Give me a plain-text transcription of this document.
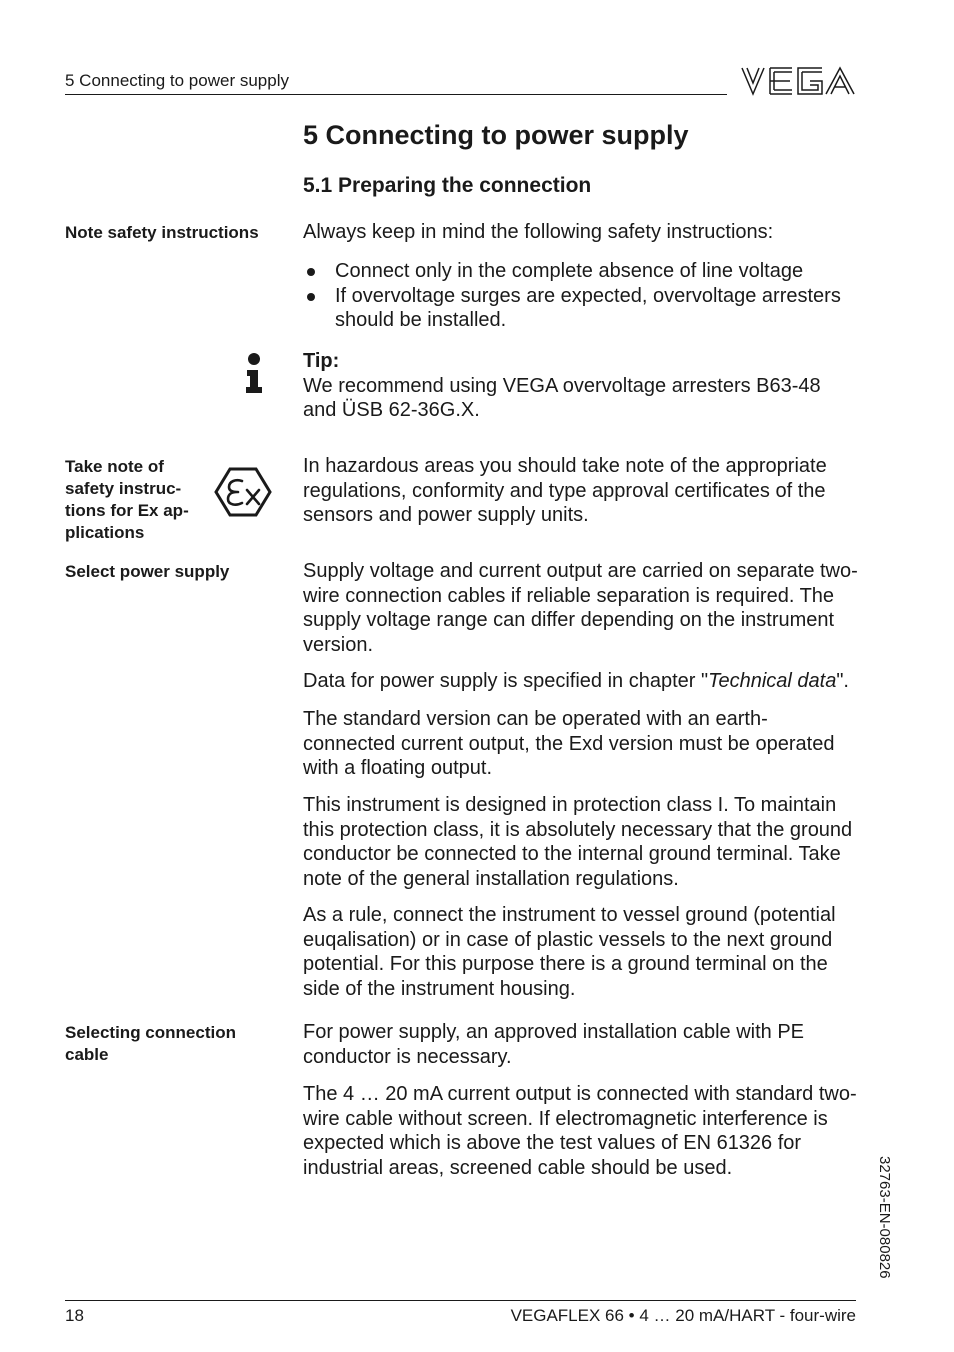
5 Connecting to power supply
5 Connecting to power supply
5.1 Preparing the connection
Note safety instructions	Always keep in mind the following safety instructions:
Connect only in the complete absence of line voltage
If overvoltage surges are expected, overvoltage arresters should be installed.
Tip:
We recommend using VEGA overvoltage arresters B63-48 and ÜSB 62-36G.X.
Take note of safety instruc-tions for Ex ap-plications
In hazardous areas you should take note of the appropriate regulations, conformity and type approval certificates of the sensors and power supply units.
Select power supply	Supply voltage and current output are carried on separate two-wire connection cables if reliable separation is required. The supply voltage range can differ depending on the instrument version.
Data for power supply is specified in chapter "Technical data".
The standard version can be operated with an earth-connected current output, the Exd version must be operated with a floating output.
This instrument is designed in protection class I. To maintain this protection class, it is absolutely necessary that the ground conductor be connected to the internal ground terminal. Take note of the general installation regulations.
As a rule, connect the instrument to vessel ground (potential euqalisation) or in case of plastic vessels to the next ground potential. For this purpose there is a ground terminal on the side of the instrument housing.
Selecting connection cable
For power supply, an approved installation cable with PE conductor is necessary.
The 4 … 20 mA current output is connected with standard two-wire cable without screen. If electromagnetic interference is expected which is above the test values of EN 61326 for industrial areas, screened cable should be used.	32763-EN-080826
18	VEGAFLEX 66 • 4 … 20 mA/HART - four-wire
